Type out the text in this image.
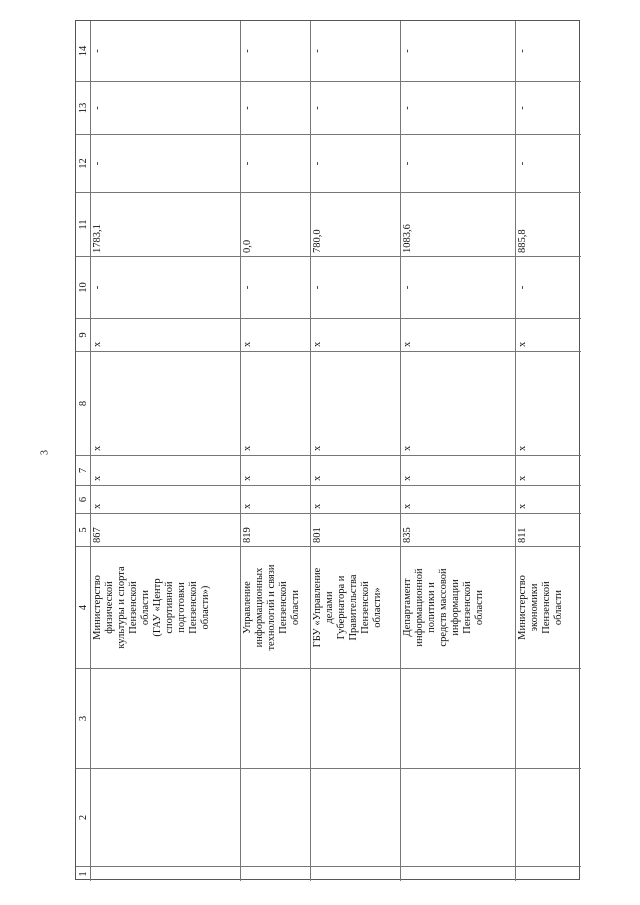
3
1
2
3
4
5
6
7
8
9
10
11
12
13
14
Министерство
физической
культуры и спорта
Пензенской
области
(ГАУ «Центр
спортивной
подготовки
Пензенской
области»)
867
x
x
x
x
-
1783,1
-
-
-
Управление
информационных
технологий и связи
Пензенской
области
819
x
x
x
x
-
0,0
-
-
-
ГБУ «Управление
делами
Губернатора и
Правительства
Пензенской
области»
801
x
x
x
x
-
780,0
-
-
-
Департамент
информационной
политики и
средств массовой
информации
Пензенской
области
835
x
x
x
x
-
1083,6
-
-
-
Министерство
экономики
Пензенской
области
811
x
x
x
x
-
885,8
-
-
-
